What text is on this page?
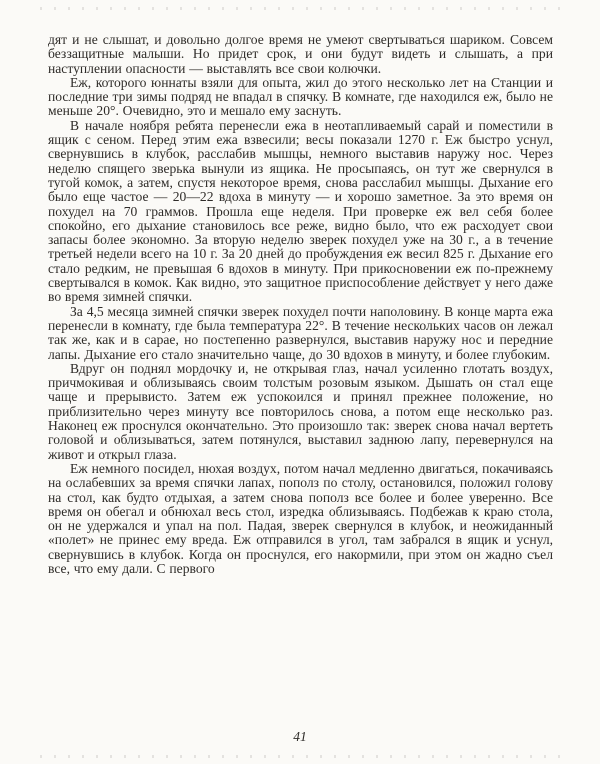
дят и не слышат, и довольно долгое время не умеют свертываться шариком. Совсем беззащитные малыши. Но придет срок, и они будут видеть и слышать, а при наступлении опасности — выставлять все свои колючки.

Еж, которого юннаты взяли для опыта, жил до этого несколько лет на Станции и последние три зимы подряд не впадал в спячку. В комнате, где находился еж, было не меньше 20°. Очевидно, это и мешало ему заснуть.

В начале ноября ребята перенесли ежа в неотапливаемый сарай и поместили в ящик с сеном. Перед этим ежа взвесили; весы показали 1270 г. Еж быстро уснул, свернувшись в клубок, расслабив мышцы, немного выставив наружу нос. Через неделю спящего зверька вынули из ящика. Не просыпаясь, он тут же свернулся в тугой комок, а затем, спустя некоторое время, снова расслабил мышцы. Дыхание его было еще частое — 20—22 вдоха в минуту — и хорошо заметное. За это время он похудел на 70 граммов. Прошла еще неделя. При проверке еж вел себя более спокойно, его дыхание становилось все реже, видно было, что еж расходует свои запасы более экономно. За вторую неделю зверек похудел уже на 30 г., а в течение третьей недели всего на 10 г. За 20 дней до пробуждения еж весил 825 г. Дыхание его стало редким, не превышая 6 вдохов в минуту. При прикосновении еж по-прежнему свертывался в комок. Как видно, это защитное приспособление действует у него даже во время зимней спячки.

За 4,5 месяца зимней спячки зверек похудел почти наполовину. В конце марта ежа перенесли в комнату, где была температура 22°. В течение нескольких часов он лежал так же, как и в сарае, но постепенно развернулся, выставив наружу нос и передние лапы. Дыхание его стало значительно чаще, до 30 вдохов в минуту, и более глубоким.

Вдруг он поднял мордочку и, не открывая глаз, начал усиленно глотать воздух, причмокивая и облизываясь своим толстым розовым языком. Дышать он стал еще чаще и прерывисто. Затем еж успокоился и принял прежнее положение, но приблизительно через минуту все повторилось снова, а потом еще несколько раз. Наконец еж проснулся окончательно. Это произошло так: зверек снова начал вертеть головой и облизываться, затем потянулся, выставил заднюю лапу, перевернулся на живот и открыл глаза.

Еж немного посидел, нюхая воздух, потом начал медленно двигаться, покачиваясь на ослабевших за время спячки лапах, пополз по столу, остановился, положил голову на стол, как будто отдыхая, а затем снова пополз все более и более уверенно. Все время он обегал и обнюхал весь стол, изредка облизываясь. Подбежав к краю стола, он не удержался и упал на пол. Падая, зверек свернулся в клубок, и неожиданный «полет» не принес ему вреда. Еж отправился в угол, там забрался в ящик и уснул, свернувшись в клубок. Когда он проснулся, его накормили, при этом он жадно съел все, что ему дали. С первого

41
